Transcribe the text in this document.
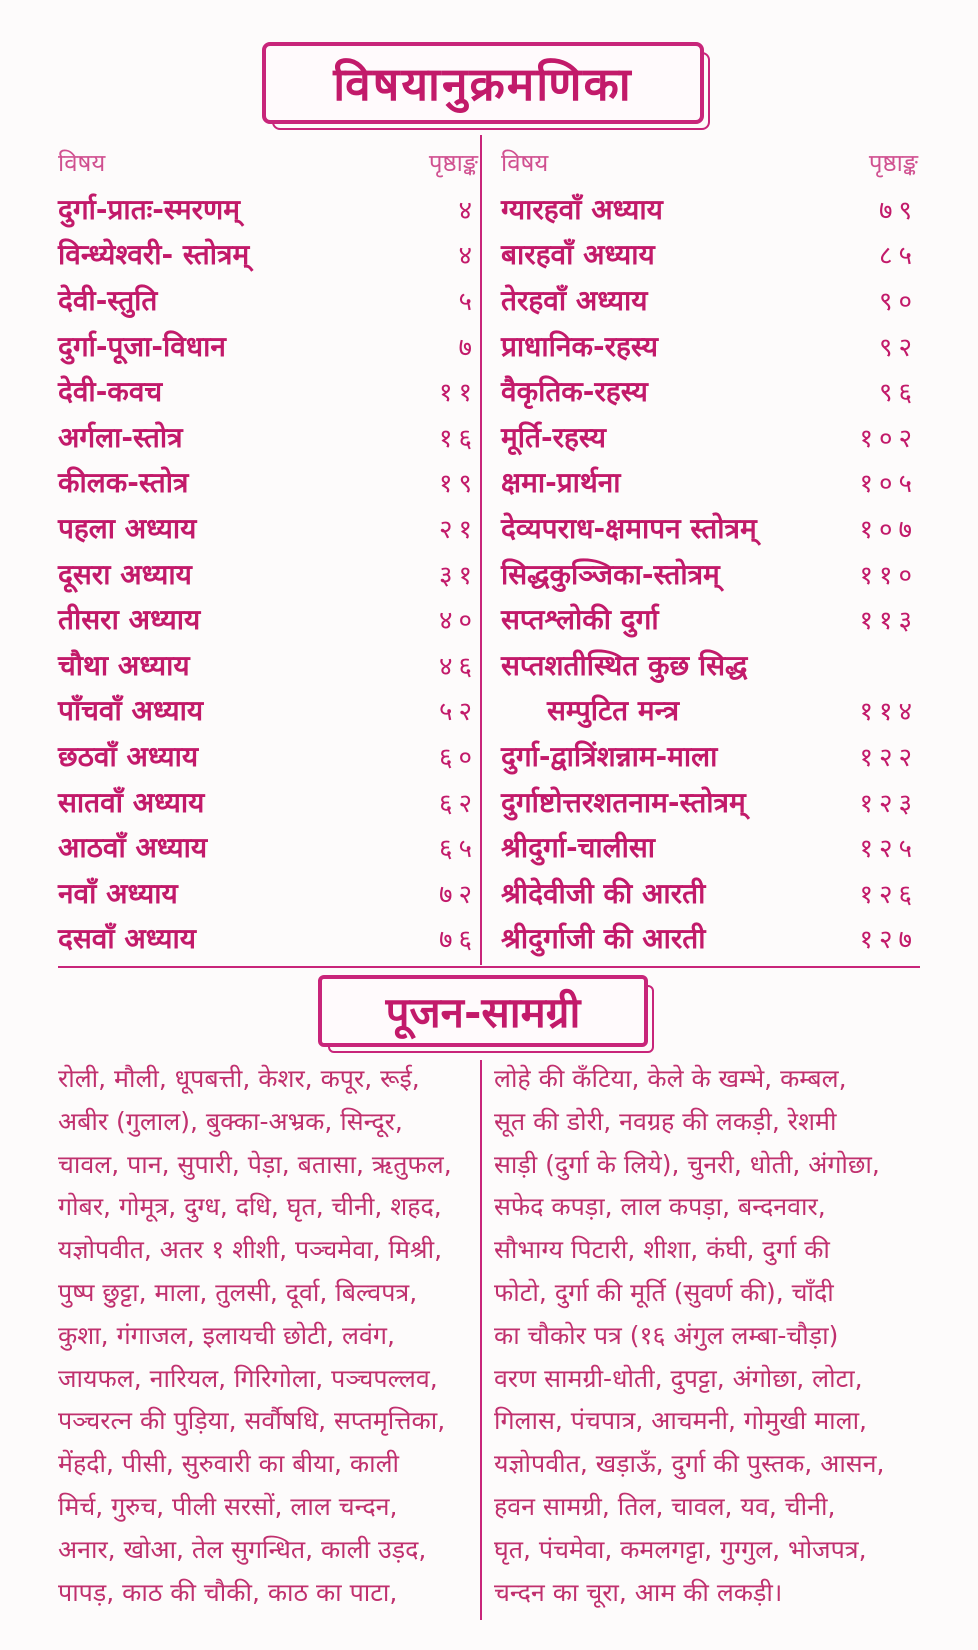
विषयानुक्रमणिका
विषय	पृष्ठाङ्क
दुर्गा-प्रातः-स्मरणम्	४
विन्ध्येश्वरी- स्तोत्रम्	४
देवी-स्तुति	५
दुर्गा-पूजा-विधान	७
देवी-कवच	११
अर्गला-स्तोत्र	१६
कीलक-स्तोत्र	१९
पहला अध्याय	२१
दूसरा अध्याय	३१
तीसरा अध्याय	४०
चौथा अध्याय	४६
पाँचवाँ अध्याय	५२
छठवाँ अध्याय	६०
सातवाँ अध्याय	६२
आठवाँ अध्याय	६५
नवाँ अध्याय	७२
दसवाँ अध्याय	७६
विषय	पृष्ठाङ्क
ग्यारहवाँ अध्याय	७९
बारहवाँ अध्याय	८५
तेरहवाँ अध्याय	९०
प्राधानिक-रहस्य	९२
वैकृतिक-रहस्य	९६
मूर्ति-रहस्य	१०२
क्षमा-प्रार्थना	१०५
देव्यपराध-क्षमापन स्तोत्रम्	१०७
सिद्धकुञ्जिका-स्तोत्रम्	११०
सप्तश्लोकी दुर्गा	११३
सप्तशतीस्थित कुछ सिद्ध
सम्पुटित मन्त्र	११४
दुर्गा-द्वात्रिंशन्नाम-माला	१२२
दुर्गाष्टोत्तरशतनाम-स्तोत्रम्	१२३
श्रीदुर्गा-चालीसा	१२५
श्रीदेवीजी की आरती	१२६
श्रीदुर्गाजी की आरती	१२७
पूजन-सामग्री
रोली, मौली, धूपबत्ती, केशर, कपूर, रूई,
अबीर (गुलाल), बुक्का-अभ्रक, सिन्दूर,
चावल, पान, सुपारी, पेड़ा, बतासा, ऋतुफल,
गोबर, गोमूत्र, दुग्ध, दधि, घृत, चीनी, शहद,
यज्ञोपवीत, अतर १ शीशी, पञ्चमेवा, मिश्री,
पुष्प छुट्टा, माला, तुलसी, दूर्वा, बिल्वपत्र,
कुशा, गंगाजल, इलायची छोटी, लवंग,
जायफल, नारियल, गिरिगोला, पञ्चपल्लव,
पञ्चरत्न की पुड़िया, सर्वौषधि, सप्तमृत्तिका,
मेंहदी, पीसी, सुरुवारी का बीया, काली
मिर्च, गुरुच, पीली सरसों, लाल चन्दन,
अनार, खोआ, तेल सुगन्धित, काली उड़द,
पापड़, काठ की चौकी, काठ का पाटा,
लोहे की कँटिया, केले के खम्भे, कम्बल,
सूत की डोरी, नवग्रह की लकड़ी, रेशमी
साड़ी (दुर्गा के लिये), चुनरी, धोती, अंगोछा,
सफेद कपड़ा, लाल कपड़ा, बन्दनवार,
सौभाग्य पिटारी, शीशा, कंघी, दुर्गा की
फोटो, दुर्गा की मूर्ति (सुवर्ण की), चाँदी
का चौकोर पत्र (१६ अंगुल लम्बा-चौड़ा)
वरण सामग्री-धोती, दुपट्टा, अंगोछा, लोटा,
गिलास, पंचपात्र, आचमनी, गोमुखी माला,
यज्ञोपवीत, खड़ाऊँ, दुर्गा की पुस्तक, आसन,
हवन सामग्री, तिल, चावल, यव, चीनी,
घृत, पंचमेवा, कमलगट्टा, गुग्गुल, भोजपत्र,
चन्दन का चूरा, आम की लकड़ी।
